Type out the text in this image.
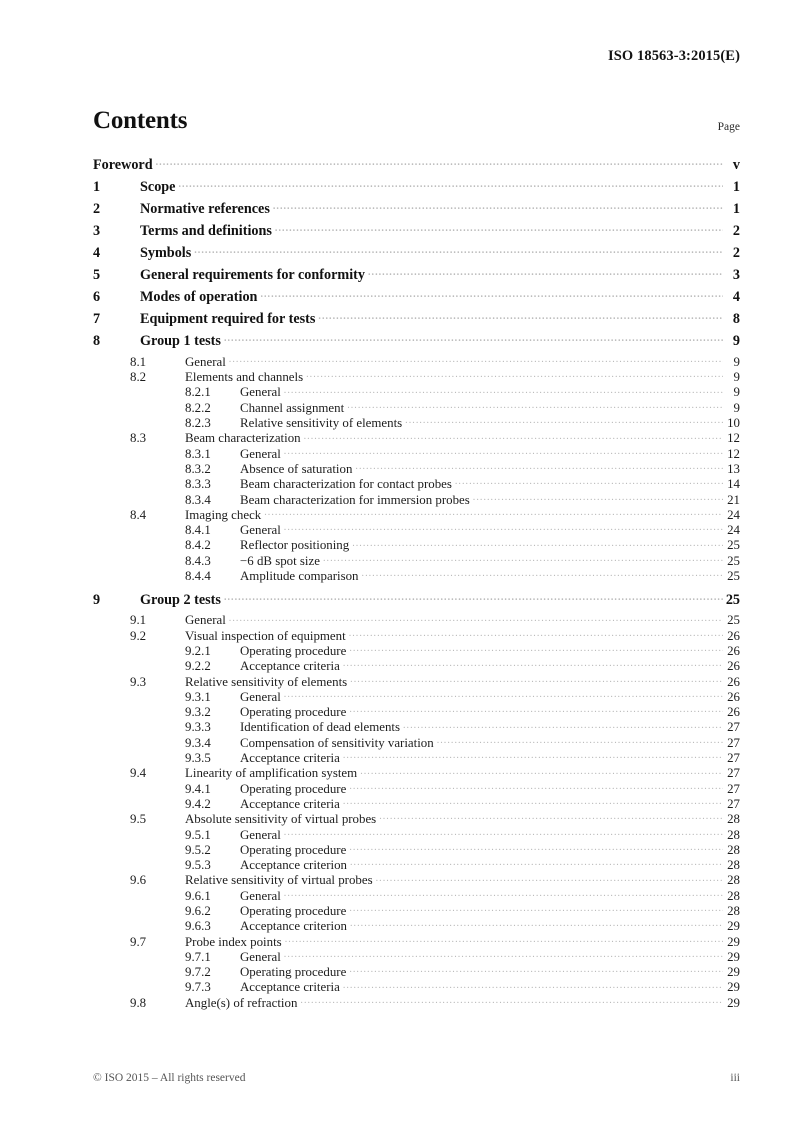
ISO 18563-3:2015(E)
Contents	Page
Foreword .....	v
1	Scope .....	1
2	Normative references .....	1
3	Terms and definitions .....	2
4	Symbols .....	2
5	General requirements for conformity .....	3
6	Modes of operation .....	4
7	Equipment required for tests .....	8
8	Group 1 tests .....	9
8.1	General .....	9
8.2	Elements and channels .....	9
8.2.1	General .....	9
8.2.2	Channel assignment .....	9
8.2.3	Relative sensitivity of elements .....	10
8.3	Beam characterization .....	12
8.3.1	General .....	12
8.3.2	Absence of saturation .....	13
8.3.3	Beam characterization for contact probes .....	14
8.3.4	Beam characterization for immersion probes .....	21
8.4	Imaging check .....	24
8.4.1	General .....	24
8.4.2	Reflector positioning .....	25
8.4.3	−6 dB spot size .....	25
8.4.4	Amplitude comparison .....	25
9	Group 2 tests .....	25
9.1	General .....	25
9.2	Visual inspection of equipment .....	26
9.2.1	Operating procedure .....	26
9.2.2	Acceptance criteria .....	26
9.3	Relative sensitivity of elements .....	26
9.3.1	General .....	26
9.3.2	Operating procedure .....	26
9.3.3	Identification of dead elements .....	27
9.3.4	Compensation of sensitivity variation .....	27
9.3.5	Acceptance criteria .....	27
9.4	Linearity of amplification system .....	27
9.4.1	Operating procedure .....	27
9.4.2	Acceptance criteria .....	27
9.5	Absolute sensitivity of virtual probes .....	28
9.5.1	General .....	28
9.5.2	Operating procedure .....	28
9.5.3	Acceptance criterion .....	28
9.6	Relative sensitivity of virtual probes .....	28
9.6.1	General .....	28
9.6.2	Operating procedure .....	28
9.6.3	Acceptance criterion .....	29
9.7	Probe index points .....	29
9.7.1	General .....	29
9.7.2	Operating procedure .....	29
9.7.3	Acceptance criteria .....	29
9.8	Angle(s) of refraction .....	29
© ISO 2015 – All rights reserved	iii
